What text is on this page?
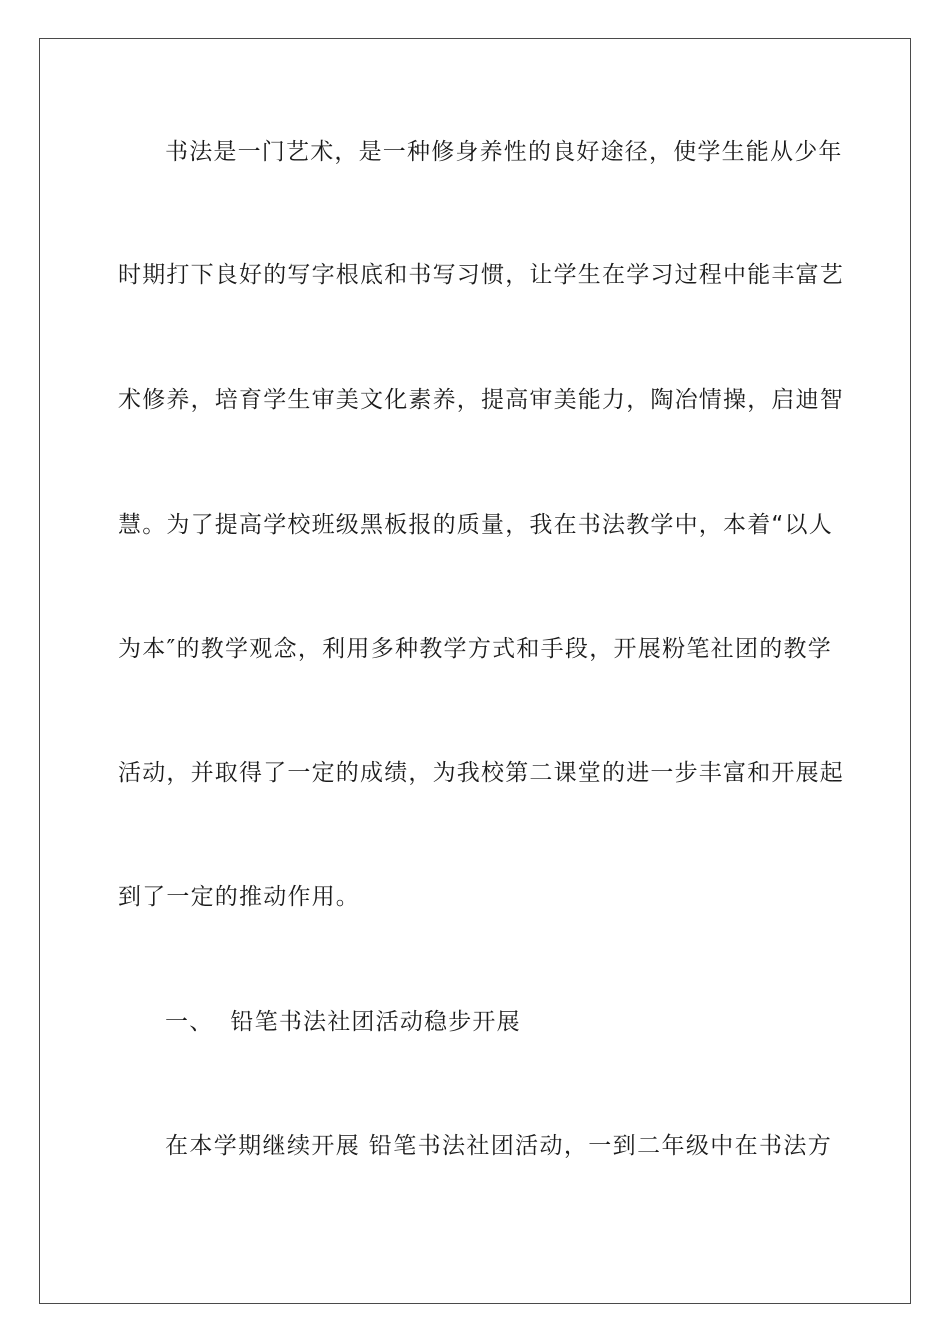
书法是一门艺术，是一种修身养性的良好途径，使学生能从少年
时期打下良好的写字根底和书写习惯，让学生在学习过程中能丰富艺
术修养，培育学生审美文化素养，提高审美能力，陶冶情操，启迪智
慧。为了提高学校班级黑板报的质量，我在书法教学中，本着“以人
为本″的教学观念，利用多种教学方式和手段，开展粉笔社团的教学
活动，并取得了一定的成绩，为我校第二课堂的进一步丰富和开展起
到了一定的推动作用。
一、  铅笔书法社团活动稳步开展
在本学期继续开展 铅笔书法社团活动，一到二年级中在书法方
